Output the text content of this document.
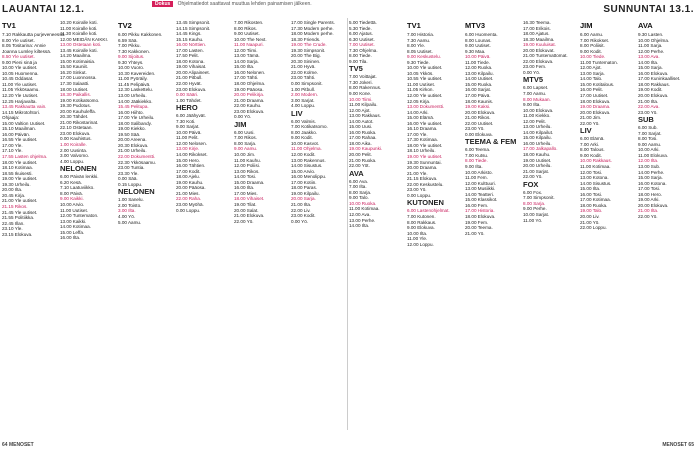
LAUANTAI 12.1.	Dokus Ohjelmatiedot saattavat muuttua lehden painamisen jälkeen.	SUNNUNTAI 13.1.
TV1
7.10 Rakkautta purjeveneessä.
8.00 Yle uutiset.
8.05 Tositarina: Annie
Joanna Lumley kiltessä.
8.50 Yle uutiset.
9.00 Pieni sinä ja
10.00 Yle uutiset.
10.05 Huomenna.
10.45 Oddasat.
11.00 Yle uutiset.
11.05 Ykkösaamu.
12.20 Yle Uutiset.
12.25 Harjavalta.
13.45 Rakkautta vain.
14.15 Mikrotohtori.
Ohjaaja:
15.00 Valtion Uutiset.
15.10 Maailman.
16.00 Päivän.
16.55 Yle uutiset.
17.00 Yle.
17.10 Yle.
17.55 Lasten ohjelma.
18.00 Yle uutiset.
18.10 Kotimaa.
18.55 Ikuisesti.
19.00 Yle uutiset.
19.30 Urheilu.
20.00 Ilta.
20.45 Kirja.
21.00 Yle uutiset.
21.15 Rikos.
21.45 Yle uutiset.
21.55 Politiikka.
22.45 Illan.
23.10 Yle.
23.15 Elokuva.
10.20 Koiralle koti.
11.00 Koiralle koti.
11.30 Koiralle koti.
12.00 MEIDÄN KAIKKI.
13.00 Ostetaan koti.
13.45 Koiralle koti.
14.20 Maailma.
15.00 Kotimaisia.
15.50 Kauniit.
16.20 Sinkut.
17.00 Luonnossa.
17.30 Salaatti.
18.00 Uutiset.
18.30 Paikallis.
19.00 Kotikatsomo.
19.30 Pudotus.
20.00 Kauhuleffa.
20.30 Tähdet.
21.00 Rikostarinat.
22.10 Ostetaan.
23.00 Elokuva.
0.00 Kauhistus.
1.00 Koiralle.
2.00 Uusinta.
3.00 Valvomo.
4.00 Loppu.
NELONEN
6.00 Päivän lenkki.
6.20 Kesä.
7.10 Laatuviikko.
8.00 Päivä.
9.00 Kaikki.
10.00 Arvio.
11.00 Uutiset.
12.00 Tuntematon.
13.00 Kaikki.
14.00 Kotimaa.
15.00 Leffa.
16.00 Ilta.
TV2
6.00 Pikku Kakkonen.
6.59 Sää.
7.00 Pikku.
7.30 Kakkonen.
9.00 Sijoitus.
9.30 Yhteys.
10.00 Vuoro.
10.30 Kavereiden.
11.00 Pyöräily.
11.45 Pelipäivä.
12.30 Laskettelu.
13.00 Urheilu.
14.00 Jääkiekko.
15.45 Pelitupa.
16.00 Hiihto.
17.00 Yle Urheilu.
18.00 Salibandy.
19.00 Kiekko.
19.50 Sää.
20.00 Areena.
20.30 Elokuva.
21.00 Urheilu.
22.00 Dokumentti.
22.30 Ykkösaamu.
23.00 Tuntia.
23.30 Yle.
0.00 Sää.
0.15 Loppu.
NELONEN
1.00 Sanelu.
2.00 Toisto.
3.00 Ilta.
4.00 Yö.
5.00 Aamu.
13.45 Simpsonit.
14.15 Simpsonit.
14.45 Kings.
15.15 Kauhu.
16.00 Nörttien.
17.00 Lasten.
17.50 Pelit.
18.00 Kotona.
19.00 Vihaisat.
20.00 Alipaineet.
21.00 Pitbull.
22.00 Hyvät.
23.00 Elokuva.
0.00 Sääri.
1.00 Tähdet.
HERO
6.00 Jäähyvät.
7.30 Koti.
9.00 Sarjat.
10.00 Päivä.
11.00 Pelit.
12.00 Nelosen.
13.00 Kirje.
14.00 Rikokset.
15.00 Hero.
16.00 Tähtien.
17.00 Kodit.
18.00 Ajelu.
19.00 Kauhu.
20.00 Pääosa.
21.00 Mies.
22.00 Raha.
23.00 Myöhä.
0.00 Loppu.
7.00 Rikosten.
8.00 Rikos.
9.00 Uutiset.
10.00 The Next.
11.00 Naapuri.
12.00 Tiimi.
13.00 Tämä.
14.00 Sarja.
15.00 Ilta.
16.00 Nelonen.
17.00 Tähti.
18.00 Ohjelma.
19.00 Pääosa.
20.00 Pelikirja.
21.00 Draama.
22.00 Kauhu.
23.00 Elokuva.
0.00 Yö.
JIM
6.00 Uusi.
7.00 Rikos.
8.00 Sarja.
9.00 Aamu.
10.00 Jim.
11.00 Kauhu.
12.00 Poliisi.
13.00 Rikos.
14.00 Tosi.
15.00 Draama.
16.00 Ilta.
17.00 Mies.
18.00 Vihaiset.
19.00 Tilat.
20.00 Salat.
21.00 Elokuva.
22.00 Yö.
17.00 Single Parents.
17.30 Modern perhe.
18.00 Modern perhe.
18.30 Friends.
19.00 The Crude.
19.30 Simpsonit.
20.00 The Big.
20.30 Sininen.
21.00 Hyvä.
22.00 Kolme.
23.00 Tähti.
0.00 Simpsonit.
1.00 Pitbull.
2.00 Modern.
3.00 Sarjat.
4.00 Loppu.
LIV
6.00 Valmis.
7.00 Kotikatsomo.
8.00 Jaakko.
9.00 Kodit.
10.00 Kasvot.
11.00 Ohjelma.
12.00 Kodit.
13.00 Rakennus.
14.00 Sisustus.
15.00 Arvio.
16.00 Menolippu.
17.00 Kotiin.
18.00 Paras.
19.00 Kilpailu.
20.00 Sarja.
21.00 Ilta.
22.00 Liv.
23.00 Kodit.
0.00 Yö.
5.00 Tiedettä.
5.30 Tiede.
6.00 Ajatus.
6.30 Uutiset.
7.00 Uutiset.
7.30 Ohjelma.
8.00 Tiede.
9.00 Tila.
TV5
7.00 Voittajat.
7.30 Jokeri.
8.00 Rakennus.
9.00 Kone.
10.00 Tiimi.
11.00 Kilpailu.
12.00 Ajot.
13.00 Rakkaus.
14.00 Autot.
15.00 Uusi.
16.00 Ruoka.
17.00 Rahaa.
18.00 Aika.
19.00 Kaupunki.
20.00 Pelit.
21.00 Ruoka.
22.00 Yöt.
AVA
6.00 Ava.
7.00 Ilta.
8.00 Sarja.
9.00 Talo.
10.00 Ruoka.
11.00 Kotimaa.
12.00 Ava.
13.00 Perhe.
14.00 Ilta.
TV1
7.00 Historia.
7.30 Aamu.
8.00 Yle.
8.05 Uutiset.
9.00 Keskustelu.
9.30 Tiede.
10.00 Yle uutiset.
10.05 Ykkös.
10.55 Yle uutiset.
11.00 Uutiset.
11.05 Kirkon.
12.00 Yle uutiset.
12.05 Kirja.
13.00 Dokumentti.
14.00 Arki.
15.00 Elämä.
16.00 Yle uutiset.
16.10 Draama.
17.00 Yle.
17.30 Kotimaa.
18.00 Yle uutiset.
18.10 Urheilu.
19.00 Yle uutiset.
19.30 Sunnuntai.
20.00 Draama.
21.00 Yle.
21.15 Elokuva.
22.00 Keskustelu.
23.00 Yö.
0.00 Loppu.
KUTONEN
6.00 Lastenohjelmat.
7.00 Kutonen.
8.00 Rakkaus.
9.00 Elokuva.
10.00 Ilta.
11.00 Yle.
12.00 Loppu.
MTV3
6.00 Huomenta.
8.00 Lounas.
9.00 Uutiset.
9.30 Maa.
10.00 Päivä.
11.00 Tiede.
12.00 Ruoka.
13.00 Kilpailu.
14.00 Uutiset.
15.00 Ruoka.
16.00 Sarjat.
17.00 Päivä.
18.00 Kaunis.
19.00 Kaksi.
20.00 Elokuva.
21.00 Rikos.
22.00 Uutiset.
23.00 Yö.
0.00 Elokuva.
TEEMA & FEM
6.00 Teema.
7.00 Kutsu.
8.00 Tiede.
9.00 Ilta.
10.00 Arkisto.
11.00 Fem.
12.00 Kulttuuri.
13.00 Musiikki.
14.00 Teatteri.
15.00 Klassikot.
16.00 Fem.
17.00 Historia.
18.00 Elokuva.
19.00 Fem.
20.00 Teema.
21.00 Yö.
16.30 Teema.
17.00 Erikois.
18.00 Ajatus.
18.30 Maailma.
19.00 Kuuluisat.
20.00 Elokuvat.
21.00 Tuntemattomat.
22.00 Elokuva.
23.00 Fem.
0.00 Yö.
MTV5
6.00 Lapset.
7.00 Aamu.
8.00 Mukaan.
9.00 Ilta.
10.00 Elokuva.
11.00 Kiekko.
12.00 Pelit.
13.00 Urheilu.
14.00 Kilpailut.
15.00 Kilpailu.
16.00 Urheilu.
17.00 Jalkapallo.
18.00 Kauhu.
19.00 Uutiset.
20.00 Urheilu.
21.00 Sarjat.
22.00 Yö.
FOX
6.00 Fox.
7.00 Simpsonit.
8.00 Sarja.
9.00 Perhe.
10.00 Sarjat.
11.00 Yö.
JIM
6.00 Aamu.
7.00 Rikokset.
8.00 Poliisit.
9.00 Kodit.
10.00 Tiede.
11.00 Tuntematon.
12.00 Ajot.
13.00 Sarja.
14.00 Talo.
15.00 Kotitalous.
16.00 Pelit.
17.00 Uutiset.
18.00 Elokuva.
19.00 Draama.
20.00 Elokuva.
21.00 Jim.
22.00 Yö.
LIV
6.00 Elämä.
7.00 Arki.
8.00 Talous.
9.00 Kodit.
10.00 Rakkaus.
11.00 Kotimaa.
12.00 Tosi.
13.00 Kotona.
14.00 Sisustus.
15.00 Ilta.
16.00 Tosi.
17.00 Kotimaa.
18.00 Ruoka.
19.00 Talo.
20.00 Liv.
21.00 Yö.
22.00 Loppu.
AVA
9.30 Lasten.
10.00 Ohjelma.
11.00 Sarja.
12.00 Perhe.
13.00 Ava.
14.00 Ilta.
15.00 Sarja.
16.00 Elokuva.
17.00 Kuninkaalliset.
18.00 Rakkaus.
19.00 Kodit.
20.00 Elokuva.
21.00 Ilta.
22.00 Ava.
23.00 Yö.
SUB
6.00 Sub.
7.00 Sarjat.
8.00 Tosi.
9.00 Aamu.
10.00 Arki.
11.00 Elokuva.
12.00 Ilta.
13.00 Sub.
14.00 Perhe.
15.00 Sarja.
16.00 Kotona.
17.00 Tosi.
18.00 Hero.
19.00 Arki.
20.00 Elokuva.
21.00 Ilta.
22.00 Yö.
64 MENOSET	MENOSET 65
